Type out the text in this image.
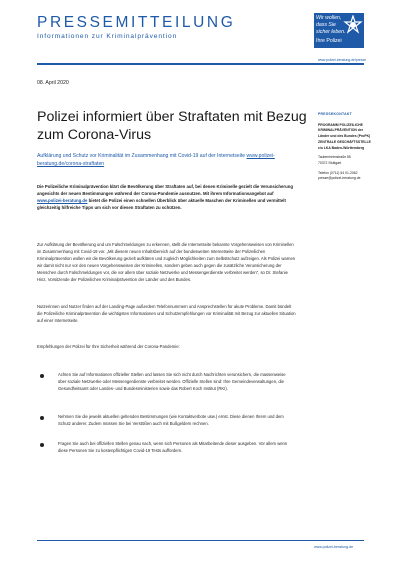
PRESSEMITTEILUNG
Informationen zur Kriminalprävention
Wir wollen,
dass Sie
sicher leben.
Ihre Polizei
www.polizei-beratung.de/presse
08. April 2020
Polizei informiert über Straftaten mit Bezug zum Corona-Virus
Aufklärung und Schutz vor Kriminalität im Zusammenhang mit Covid-19 auf der Internetseite www.polizei-beratung.de/corona-straftaten
Die Polizeiliche Kriminalprävention klärt die Bevölkerung über Straftaten auf, bei denen Kriminelle gezielt die Verunsicherung angesichts der neuen Bestimmungen während der Corona-Pandemie ausnutzen. Mit ihrem Informationsangebot auf www.polizei-beratung.de bietet die Polizei einen schnellen Überblick über aktuelle Maschen der Kriminellen und vermittelt gleichzeitig hilfreiche Tipps um sich vor diesen Straftaten zu schützen.
Zur Aufklärung der Bevölkerung und um Falschmeldungen zu erkennen, stellt die Internetseite bekannte Vorgehensweisen von Kriminellen im Zusammenhang mit Covid-19 vor. „Mit diesem neuen Inhaltsbereich auf der bundesweiten Internetseite der Polizeilichen Kriminalprävention wollen wir die Bevölkerung gezielt aufklären und zugleich Möglichkeiten zum Selbstschutz aufzeigen. Als Polizei warnen wir damit nicht nur vor den neuen Vorgehensweisen der Kriminellen, sondern geben auch gegen die zusätzliche Verunsicherung der Menschen durch Falschmeldungen vor, die vor allem über soziale Netzwerke und Messengerdienste verbreitet werden“, so Dr. Stefanie Hinz, Vorsitzende der Polizeilichen Kriminalprävention der Länder und des Bundes.
Nutzerinnen und Nutzer finden auf der Landing-Page außerdem Telefonnummern und Ansprechstellen für akute Probleme. Damit bündelt die Polizeiliche Kriminalprävention die wichtigsten Informationen und Schutzempfehlungen vor Kriminalität mit Bezug zur aktuellen Situation auf einer Internetseite.
Empfehlungen der Polizei für Ihre Sicherheit während der Corona-Pandemie:
Achten Sie auf Informationen offizieller Stellen und lassen Sie sich nicht durch Nachrichten verunsichern, die massenweise über soziale Netzwerke oder Messengerdienste verbreitet werden. Offizielle Stellen sind: Ihre Gemeindeverwaltungen, die Gesundheitsamt oder Landes- und Bundesministerien sowie das Robert Koch Institut (RKI).
Nehmen Sie die jeweils aktuellen geltenden Bestimmungen (wie Kontaktverbote usw.) ernst. Diese dienen Ihrem und dem Schutz anderer. Zudem müssen Sie bei Verstößen auch mit Bußgeldern rechnen.
Fragen Sie auch bei offiziellen Stellen genau nach, wenn sich Personen als Mitarbeitende dieser ausgeben. Vor allem wenn diese Personen Sie zu kostenpflichtigen Covid-19 Tests auffordern.
PRESSEKONTAKT
PROGRAMM POLIZEILICHE
KRIMINALPRÄVENTION der
Länder und des Bundes (ProPK)
ZENTRALE GESCHÄFTSSTELLE
c/o LKA Baden-Württemberg
Taubenheimstraße 85
70372 Stuttgart
Telefon (0711) 54 01-2062
presse@polizei-beratung.de
www.polizei-beratung.de
